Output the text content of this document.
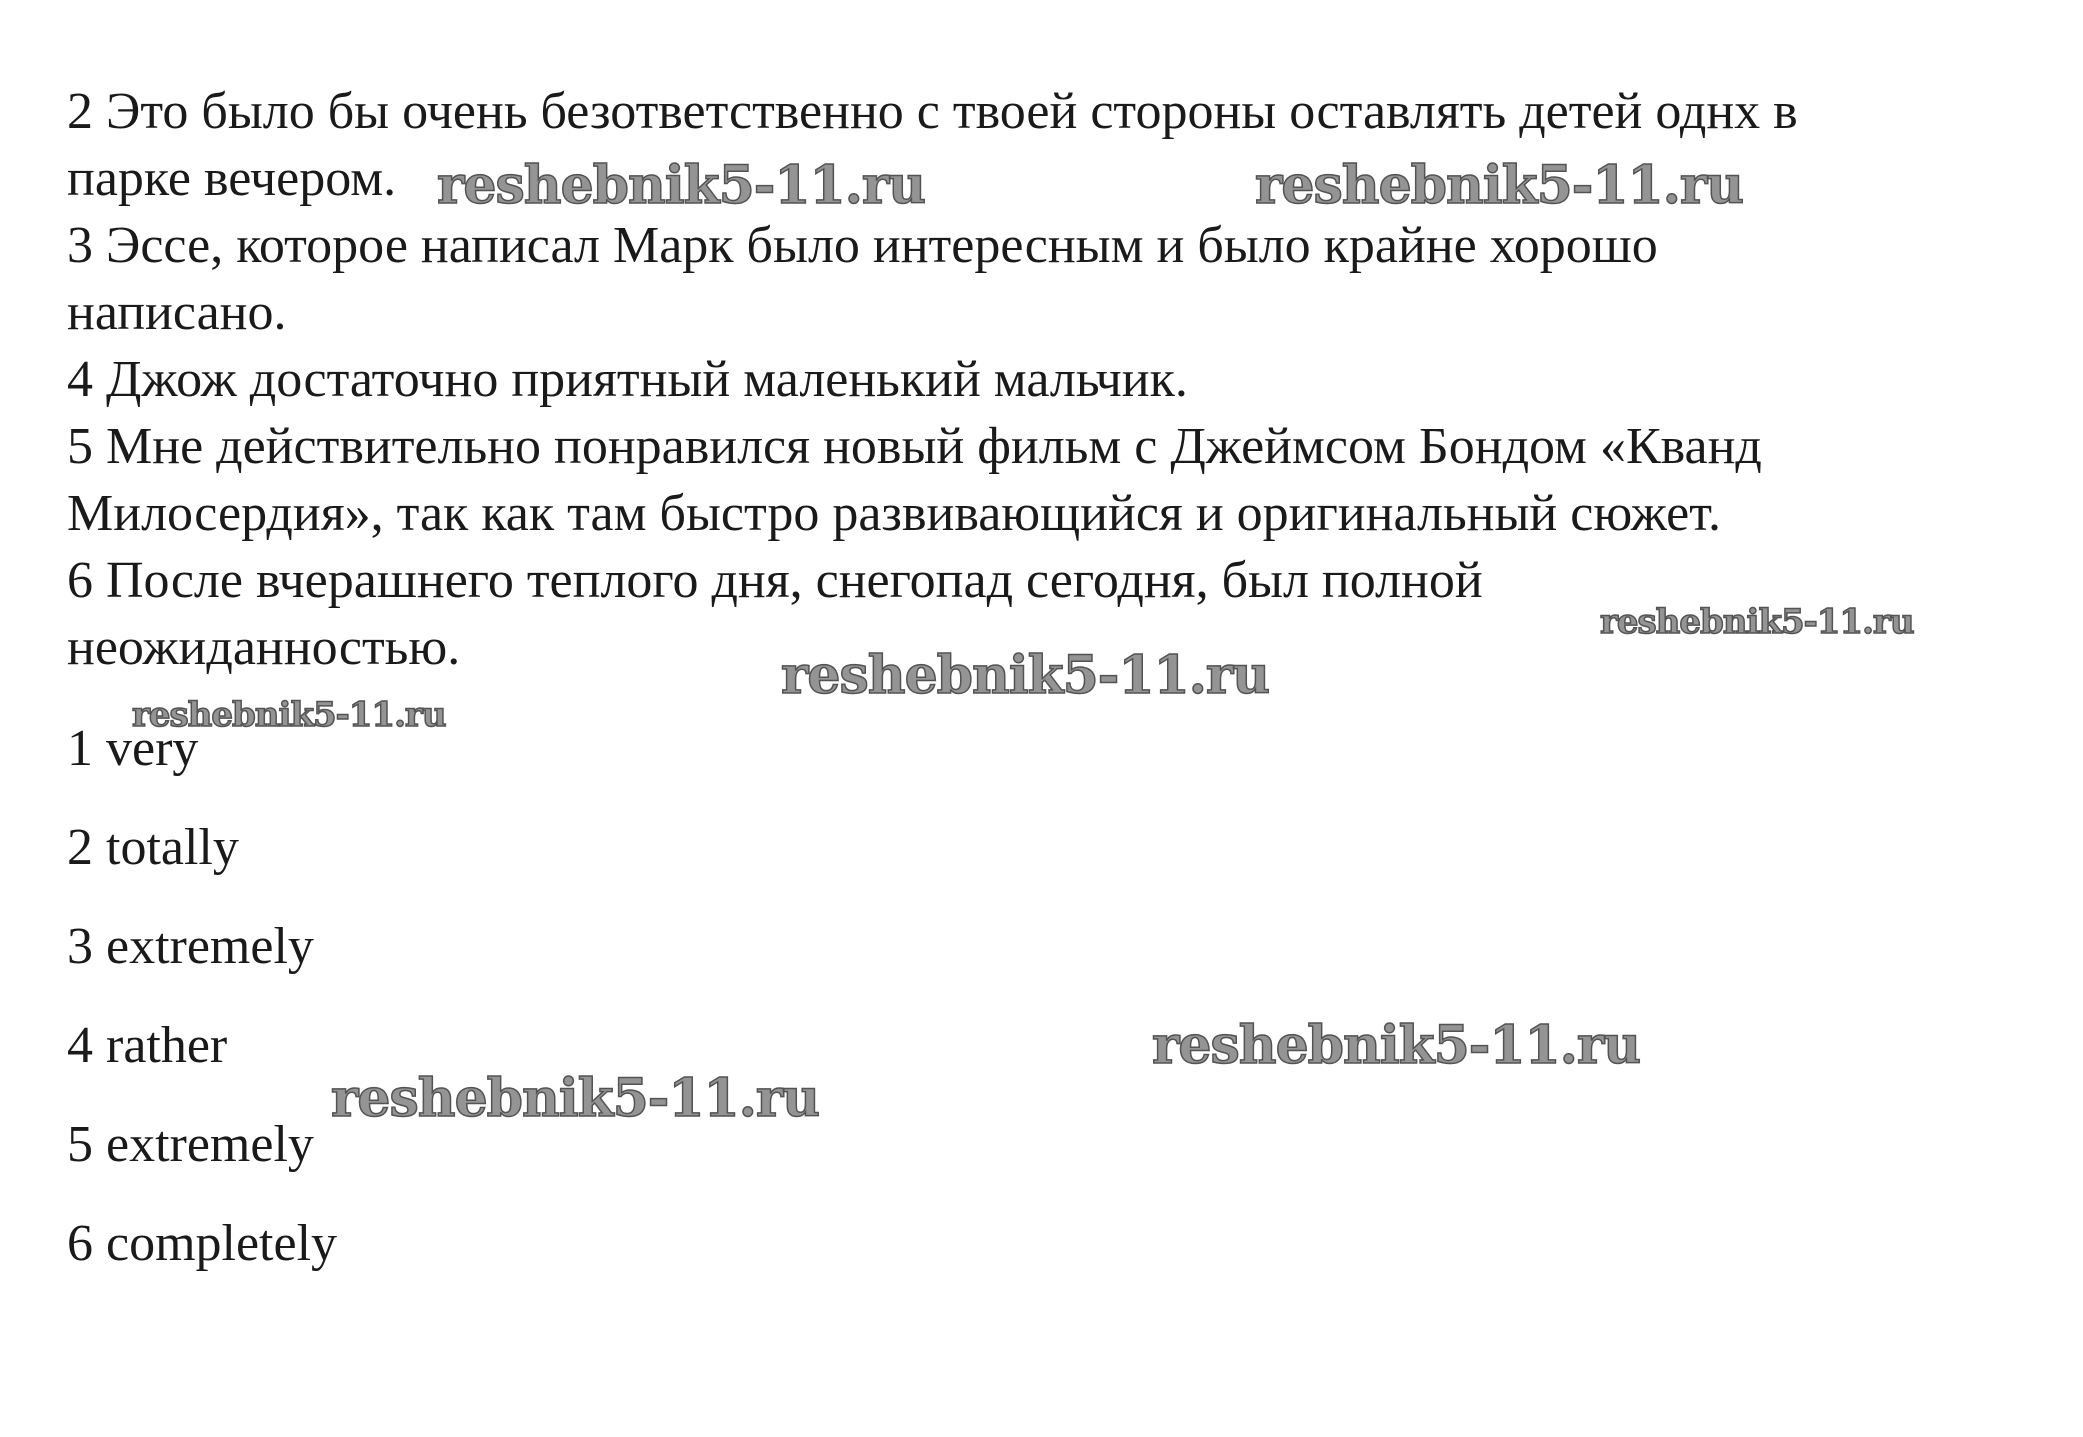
2 Это было бы очень безответственно с твоей стороны оставлять детей однх в

парке вечером.

3 Эссе, которое написал Марк было интересным и было крайне хорошо

написано.

4 Джож достаточно приятный маленький мальчик.

5 Мне действительно понравился новый фильм с Джеймсом Бондом «Кванд

Милосердия», так как там быстро развивающийся и оригинальный сюжет.

6 После вчерашнего теплого дня, снегопад сегодня, был полной

неожиданностью.

1 very

2 totally

3 extremely

4 rather

5 extremely

6 completely

reshebnik5-11.ru	reshebnik5-11.ru

reshebnik5-11.ru

reshebnik5-11.ru

reshebnik5-11.ru

reshebnik5-11.ru

reshebnik5-11.ru
